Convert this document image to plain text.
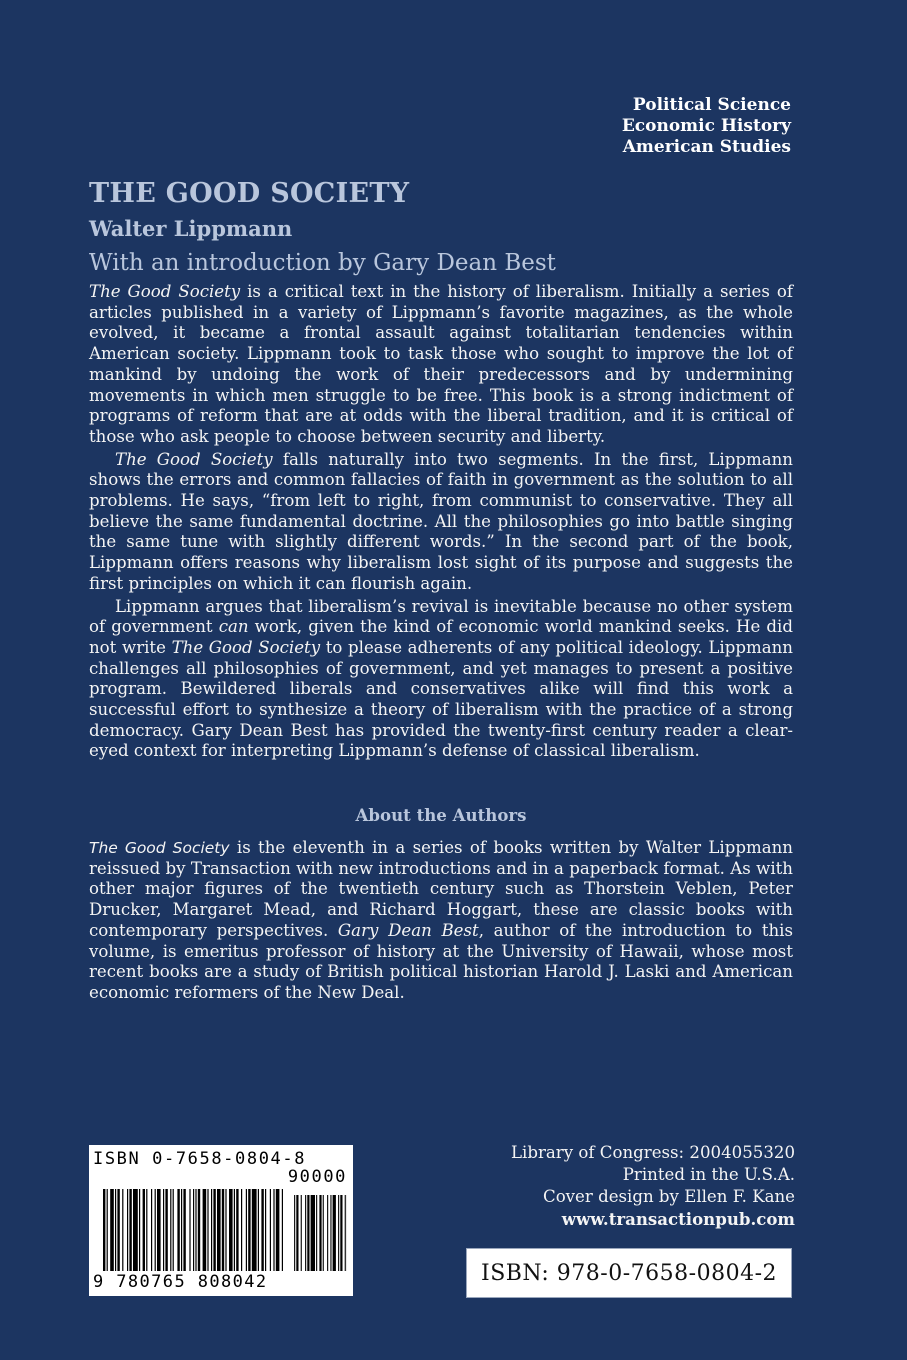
Political Science
Economic History
American Studies
THE GOOD SOCIETY
Walter Lippmann
With an introduction by Gary Dean Best

The Good Society is a critical text in the history of liberalism. Initially a series of articles published in a variety of Lippmann’s favorite magazines, as the whole evolved, it became a frontal assault against totalitarian tendencies within American society. Lippmann took to task those who sought to improve the lot of mankind by undoing the work of their predecessors and by undermining movements in which men struggle to be free. This book is a strong indictment of programs of reform that are at odds with the liberal tradition, and it is critical of those who ask people to choose between security and liberty.

The Good Society falls naturally into two segments. In the first, Lippmann shows the errors and common fallacies of faith in government as the solution to all problems. He says, “from left to right, from communist to conservative. They all believe the same fundamental doctrine. All the philosophies go into battle singing the same tune with slightly different words.” In the second part of the book, Lippmann offers reasons why liberalism lost sight of its purpose and suggests the first principles on which it can flourish again.

Lippmann argues that liberalism’s revival is inevitable because no other system of government can work, given the kind of economic world mankind seeks. He did not write The Good Society to please adherents of any political ideology. Lippmann challenges all philosophies of government, and yet manages to present a positive program. Bewildered liberals and conservatives alike will find this work a successful effort to synthesize a theory of liberalism with the practice of a strong democracy. Gary Dean Best has provided the twenty-first century reader a clear-eyed context for interpreting Lippmann’s defense of classical liberalism.

About the Authors

The Good Society is the eleventh in a series of books written by Walter Lippmann reissued by Transaction with new introductions and in a paperback format. As with other major figures of the twentieth century such as Thorstein Veblen, Peter Drucker, Margaret Mead, and Richard Hoggart, these are classic books with contemporary perspectives. Gary Dean Best, author of the introduction to this volume, is emeritus professor of history at the University of Hawaii, whose most recent books are a study of British political historian Harold J. Laski and American economic reformers of the New Deal.

ISBN 0-7658-0804-8
90000
9 780765 808042
Library of Congress: 2004055320
Printed in the U.S.A.
Cover design by Ellen F. Kane
www.transactionpub.com
ISBN: 978-0-7658-0804-2
